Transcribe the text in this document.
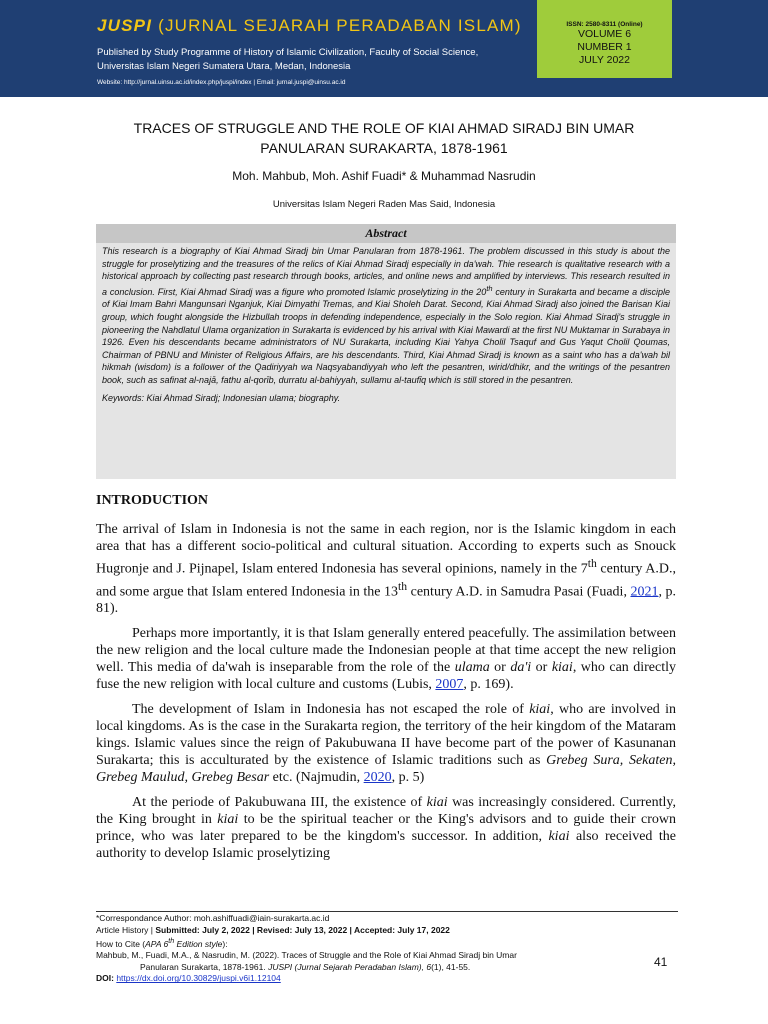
JUSPI (JURNAL SEJARAH PERADABAN ISLAM)
Published by Study Programme of History of Islamic Civilization, Faculty of Social Science,
Universitas Islam Negeri Sumatera Utara, Medan, Indonesia
Website: http://jurnal.uinsu.ac.id/index.php/juspi/index | Email: jurnal.juspi@uinsu.ac.id
ISSN: 2580-8311 (Online)
VOLUME 6
NUMBER 1
JULY 2022
TRACES OF STRUGGLE AND THE ROLE OF KIAI AHMAD SIRADJ BIN UMAR
PANULARAN SURAKARTA, 1878-1961
Moh. Mahbub, Moh. Ashif Fuadi* & Muhammad Nasrudin
Universitas Islam Negeri Raden Mas Said, Indonesia
Abstract
This research is a biography of Kiai Ahmad Siradj bin Umar Panularan from 1878-1961. The problem discussed in this study is about the struggle for proselytizing and the treasures of the relics of Kiai Ahmad Siradj especially in da'wah. Thie research is qualitative research with a historical approach by collecting past research through books, articles, and online news and amplified by interviews. This research resulted in a conclusion. First, Kiai Ahmad Siradj was a figure who promoted Islamic proselytizing in the 20th century in Surakarta and became a disciple of Kiai Imam Bahri Mangunsari Nganjuk, Kiai Dimyathi Tremas, and Kiai Sholeh Darat. Second, Kiai Ahmad Siradj also joined the Barisan Kiai group, which fought alongside the Hizbullah troops in defending independence, especially in the Solo region. Kiai Ahmad Siradj's struggle in pioneering the Nahdlatul Ulama organization in Surakarta is evidenced by his arrival with Kiai Mawardi at the first NU Muktamar in Surabaya in 1926. Even his descendants became administrators of NU Surakarta, including Kiai Yahya Cholil Tsaquf and Gus Yaqut Cholil Qoumas, Chairman of PBNU and Minister of Religious Affairs, are his descendants. Third, Kiai Ahmad Siradj is known as a saint who has a da'wah bil hikmah (wisdom) is a follower of the Qadiriyyah wa Naqsyabandiyyah who left the pesantren, wirid/dhikr, and the writings of the pesantren book, such as safinat al-najā, fathu al-qorīb, durratu al-bahiyyah, sullamu al-taufīq which is still stored in the pesantren.
Keywords: Kiai Ahmad Siradj; Indonesian ulama; biography.
INTRODUCTION

The arrival of Islam in Indonesia is not the same in each region, nor is the Islamic kingdom in each area that has a different socio-political and cultural situation. According to experts such as Snouck Hugronje and J. Pijnapel, Islam entered Indonesia has several opinions, namely in the 7th century A.D., and some argue that Islam entered Indonesia in the 13th century A.D. in Samudra Pasai (Fuadi, 2021, p. 81).

Perhaps more importantly, it is that Islam generally entered peacefully. The assimilation between the new religion and the local culture made the Indonesian people at that time accept the new religion well. This media of da'wah is inseparable from the role of the ulama or da'i or kiai, who can directly fuse the new religion with local culture and customs (Lubis, 2007, p. 169).

The development of Islam in Indonesia has not escaped the role of kiai, who are involved in local kingdoms. As is the case in the Surakarta region, the territory of the heir kingdom of the Mataram kings. Islamic values since the reign of Pakubuwana II have become part of the power of Kasunanan Surakarta; this is acculturated by the existence of Islamic traditions such as Grebeg Sura, Sekaten, Grebeg Maulud, Grebeg Besar etc. (Najmudin, 2020, p. 5)

At the periode of Pakubuwana III, the existence of kiai was increasingly considered. Currently, the King brought in kiai to be the spiritual teacher or the King's advisors and to guide their crown prince, who was later prepared to be the kingdom's successor. In addition, kiai also received the authority to develop Islamic proselytizing

*Correspondance Author: moh.ashiffuadi@iain-surakarta.ac.id
Article History | Submitted: July 2, 2022 | Revised: July 13, 2022 | Accepted: July 17, 2022
How to Cite (APA 6th Edition style):
Mahbub, M., Fuadi, M.A., & Nasrudin, M. (2022). Traces of Struggle and the Role of Kiai Ahmad Siradj bin Umar
Panularan Surakarta, 1878-1961. JUSPI (Jurnal Sejarah Peradaban Islam), 6(1), 41-55.
DOI: https://dx.doi.org/10.30829/juspi.v6i1.12104
41
